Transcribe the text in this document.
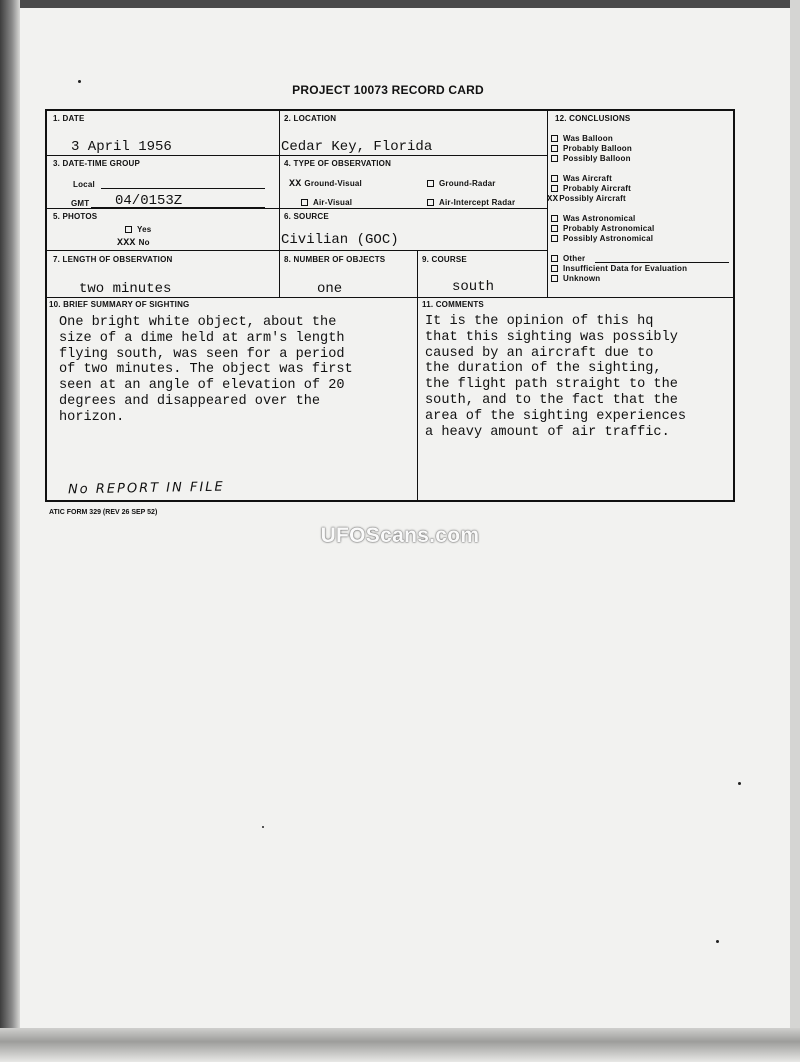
PROJECT 10073 RECORD CARD
1. DATE
3 April 1956
2. LOCATION
Cedar Key, Florida
3. DATE-TIME GROUP
Local
GMT 04/0153Z
4. TYPE OF OBSERVATION
XX Ground-Visual	Ground-Radar
Air-Visual	Air-Intercept Radar
5. PHOTOS
Yes
XXX No
6. SOURCE
Civilian (GOC)
7. LENGTH OF OBSERVATION
two minutes
8. NUMBER OF OBJECTS
one
9. COURSE
south
10. BRIEF SUMMARY OF SIGHTING
One bright white object, about the
size of a dime held at arm's length
flying south, was seen for a period
of two minutes. The object was first
seen at an angle of elevation of 20
degrees and disappeared over the
horizon.
11. COMMENTS
It is the opinion of this hq
that this sighting was possibly
caused by an aircraft due to
the duration of the sighting,
the flight path straight to the
south, and to the fact that the
area of the sighting experiences
a heavy amount of air traffic.
12. CONCLUSIONS
Was Balloon
Probably Balloon
Possibly Balloon
Was Aircraft
Probably Aircraft
XXPossibly Aircraft
Was Astronomical
Probably Astronomical
Possibly Astronomical
Other
Insufficient Data for Evaluation
Unknown
No REPORT IN FILE
ATIC FORM 329 (REV 26 SEP 52)
UFOScans.com
